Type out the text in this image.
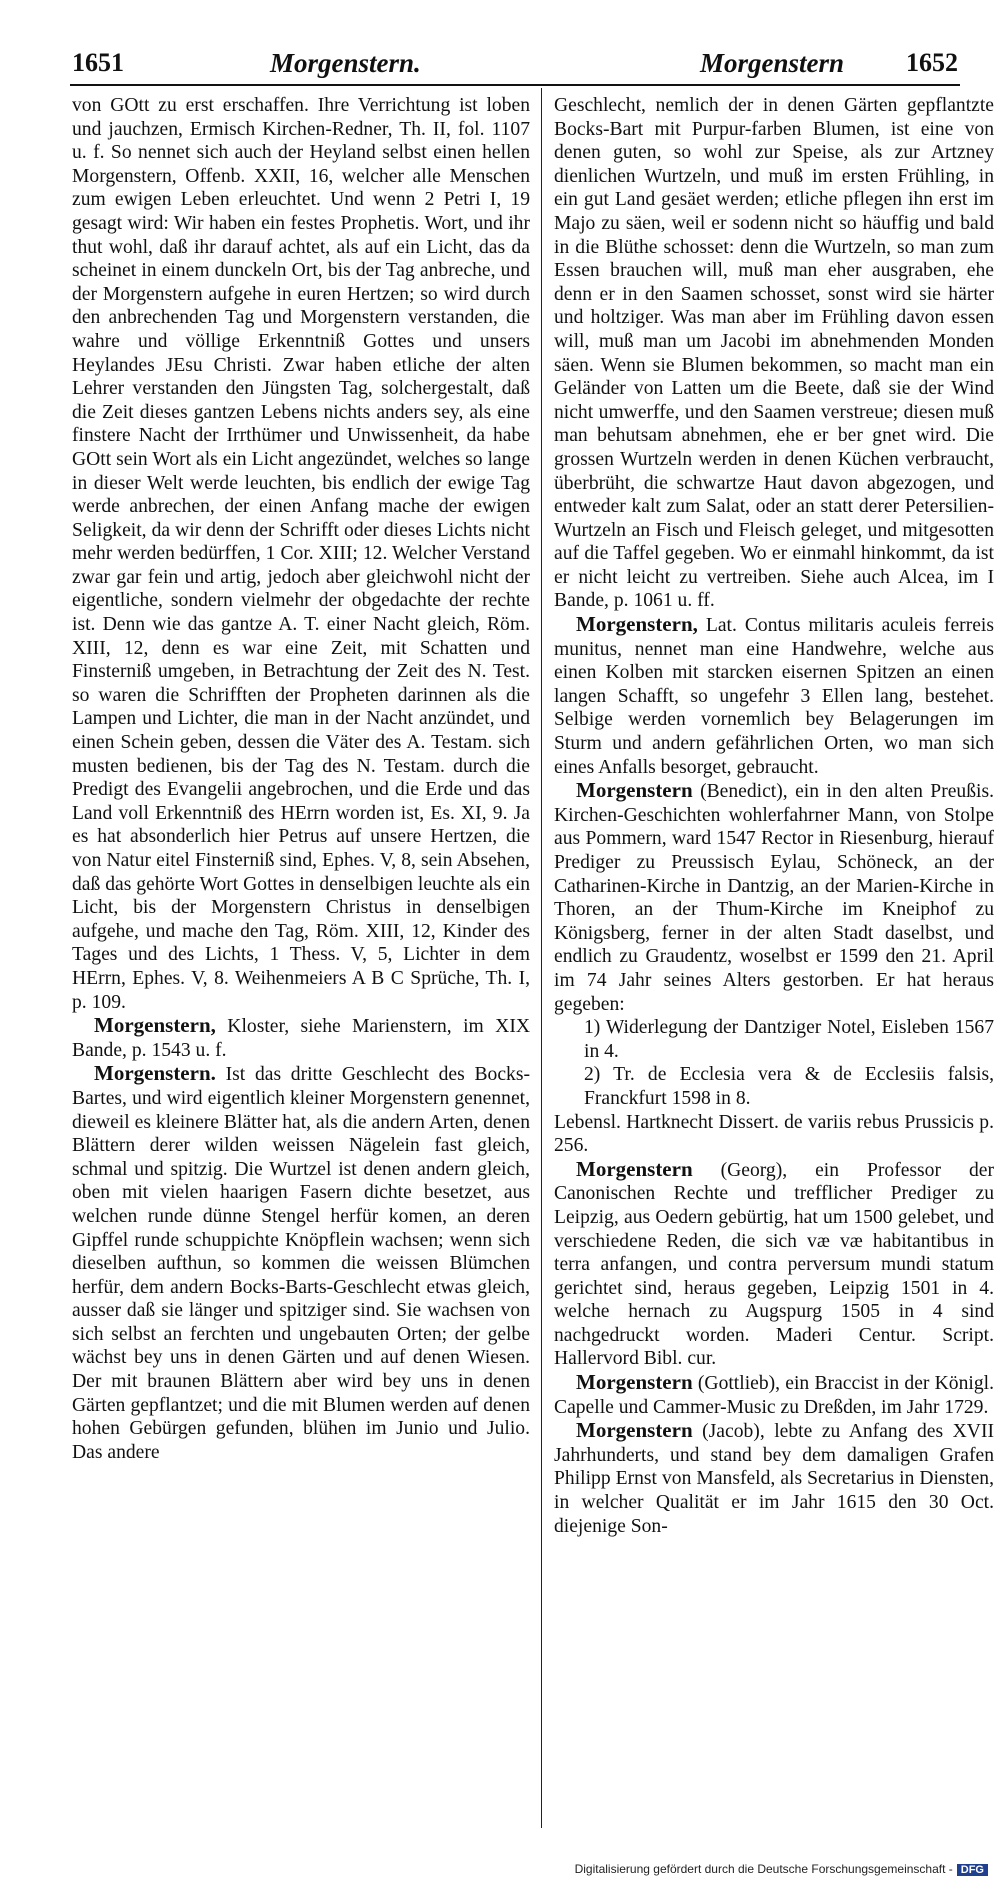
1651	Morgenstern.	Morgenstern 1652

von GOtt zu erst erschaffen. Ihre Verrichtung ist loben und jauchzen, Ermisch Kirchen-Redner, Th. II, fol. 1107 u. f. So nennet sich auch der Heyland selbst einen hellen Morgenstern, Offenb. XXII, 16, welcher alle Menschen zum ewigen Leben erleuchtet. Und wenn 2 Petri I, 19 gesagt wird: Wir haben ein festes Prophetis. Wort, und ihr thut wohl, daß ihr darauf achtet, als auf ein Licht, das da scheinet in einem dunckeln Ort, bis der Tag anbreche, und der Morgenstern aufgehe in euren Hertzen; so wird durch den anbrechenden Tag und Morgenstern verstanden, die wahre und völlige Erkenntniß Gottes und unsers Heylandes JEsu Christi. Zwar haben etliche der alten Lehrer verstanden den Jüngsten Tag, solchergestalt, daß die Zeit dieses gantzen Lebens nichts anders sey, als eine finstere Nacht der Irrthümer und Unwissenheit, da habe GOtt sein Wort als ein Licht angezündet, welches so lange in dieser Welt werde leuchten, bis endlich der ewige Tag werde anbrechen, der einen Anfang mache der ewigen Seligkeit, da wir denn der Schrifft oder dieses Lichts nicht mehr werden bedürffen, 1 Cor. XIII; 12. Welcher Verstand zwar gar fein und artig, jedoch aber gleichwohl nicht der eigentliche, sondern vielmehr der obgedachte der rechte ist. Denn wie das gantze A. T. einer Nacht gleich, Röm. XIII, 12, denn es war eine Zeit, mit Schatten und Finsterniß umgeben, in Betrachtung der Zeit des N. Test. so waren die Schrifften der Propheten darinnen als die Lampen und Lichter, die man in der Nacht anzündet, und einen Schein geben, dessen die Väter des A. Testam. sich musten bedienen, bis der Tag des N. Testam. durch die Predigt des Evangelii angebrochen, und die Erde und das Land voll Erkenntniß des HErrn worden ist, Es. XI, 9. Ja es hat absonderlich hier Petrus auf unsere Hertzen, die von Natur eitel Finsterniß sind, Ephes. V, 8, sein Absehen, daß das gehörte Wort Gottes in denselbigen leuchte als ein Licht, bis der Morgenstern Christus in denselbigen aufgehe, und mache den Tag, Röm. XIII, 12, Kinder des Tages und des Lichts, 1 Thess. V, 5, Lichter in dem HErrn, Ephes. V, 8. Weihenmeiers A B C Sprüche, Th. I, p. 109.

Morgenstern, Kloster, siehe Marienstern, im XIX Bande, p. 1543 u. f.

Morgenstern. Ist das dritte Geschlecht des Bocks-Bartes, und wird eigentlich kleiner Morgenstern genennet, dieweil es kleinere Blätter hat, als die andern Arten, denen Blättern derer wilden weissen Nägelein fast gleich, schmal und spitzig. Die Wurtzel ist denen andern gleich, oben mit vielen haarigen Fasern dichte besetzet, aus welchen runde dünne Stengel herfür komen, an deren Gipffel runde schuppichte Knöpflein wachsen; wenn sich dieselben aufthun, so kommen die weissen Blümchen herfür, dem andern Bocks-Barts-Geschlecht etwas gleich, ausser daß sie länger und spitziger sind. Sie wachsen von sich selbst an ferchten und ungebauten Orten; der gelbe wächst bey uns in denen Gärten und auf denen Wiesen. Der mit braunen Blättern aber wird bey uns in denen Gärten gepflantzet; und die mit Blumen werden auf denen hohen Gebürgen gefunden, blühen im Junio und Julio. Das andere

Geschlecht, nemlich der in denen Gärten gepflantzte Bocks-Bart mit Purpur-farben Blumen, ist eine von denen guten, so wohl zur Speise, als zur Artzney dienlichen Wurtzeln, und muß im ersten Frühling, in ein gut Land gesäet werden; etliche pflegen ihn erst im Majo zu säen, weil er sodenn nicht so häuffig und bald in die Blüthe schosset: denn die Wurtzeln, so man zum Essen brauchen will, muß man eher ausgraben, ehe denn er in den Saamen schosset, sonst wird sie härter und holtziger. Was man aber im Frühling davon essen will, muß man um Jacobi im abnehmenden Monden säen. Wenn sie Blumen bekommen, so macht man ein Geländer von Latten um die Beete, daß sie der Wind nicht umwerffe, und den Saamen verstreue; diesen muß man behutsam abnehmen, ehe er ber gnet wird. Die grossen Wurtzeln werden in denen Küchen verbraucht, überbrüht, die schwartze Haut davon abgezogen, und entweder kalt zum Salat, oder an statt derer Petersilien-Wurtzeln an Fisch und Fleisch geleget, und mitgesotten auf die Taffel gegeben. Wo er einmahl hinkommt, da ist er nicht leicht zu vertreiben. Siehe auch Alcea, im I Bande, p. 1061 u. ff.

Morgenstern, Lat. Contus militaris aculeis ferreis munitus, nennet man eine Handwehre, welche aus einen Kolben mit starcken eisernen Spitzen an einen langen Schafft, so ungefehr 3 Ellen lang, bestehet. Selbige werden vornemlich bey Belagerungen im Sturm und andern gefährlichen Orten, wo man sich eines Anfalls besorget, gebraucht.

Morgenstern (Benedict), ein in den alten Preußis. Kirchen-Geschichten wohlerfahrner Mann, von Stolpe aus Pommern, ward 1547 Rector in Riesenburg, hierauf Prediger zu Preussisch Eylau, Schöneck, an der Catharinen-Kirche in Dantzig, an der Marien-Kirche in Thoren, an der Thum-Kirche im Kneiphof zu Königsberg, ferner in der alten Stadt daselbst, und endlich zu Graudentz, woselbst er 1599 den 21. April im 74 Jahr seines Alters gestorben. Er hat heraus gegeben:

1) Widerlegung der Dantziger Notel, Eisleben 1567 in 4.
2) Tr. de Ecclesia vera & de Ecclesiis falsis, Franckfurt 1598 in 8.

Lebensl. Hartknecht Dissert. de variis rebus Prussicis p. 256.

Morgenstern (Georg), ein Professor der Canonischen Rechte und trefflicher Prediger zu Leipzig, aus Oedern gebürtig, hat um 1500 gelebet, und verschiedene Reden, die sich væ væ habitantibus in terra anfangen, und contra perversum mundi statum gerichtet sind, heraus gegeben, Leipzig 1501 in 4. welche hernach zu Augspurg 1505 in 4 sind nachgedruckt worden. Maderi Centur. Script. Hallervord Bibl. cur.

Morgenstern (Gottlieb), ein Braccist in der Königl. Capelle und Cammer-Music zu Dreßden, im Jahr 1729.

Morgenstern (Jacob), lebte zu Anfang des XVII Jahrhunderts, und stand bey dem damaligen Grafen Philipp Ernst von Mansfeld, als Secretarius in Diensten, in welcher Qualität er im Jahr 1615 den 30 Oct. diejenige Son-

Digitalisierung gefördert durch die Deutsche Forschungsgemeinschaft - DFG
